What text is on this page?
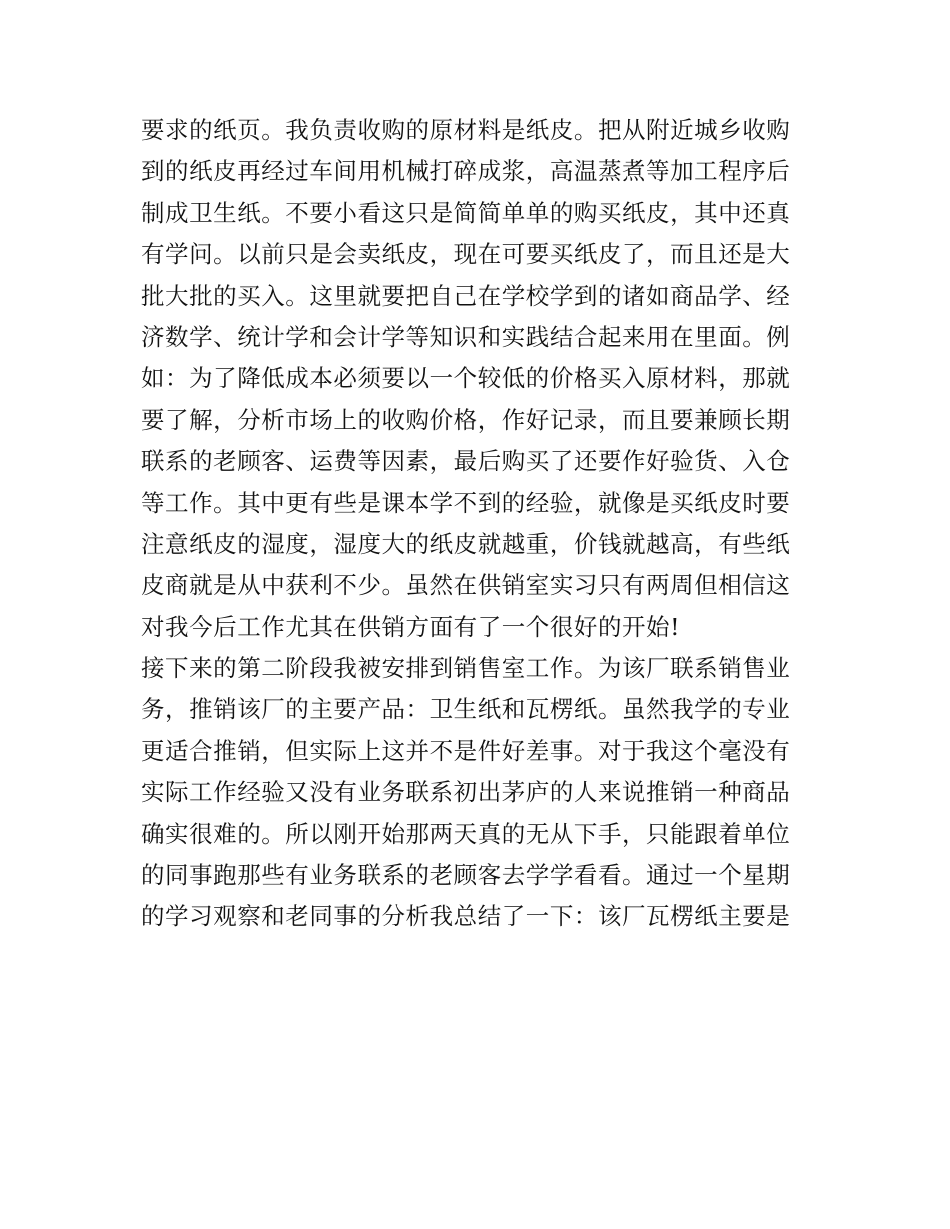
要求的纸页。我负责收购的原材料是纸皮。把从附近城乡收购
到的纸皮再经过车间用机械打碎成浆，高温蒸煮等加工程序后
制成卫生纸。不要小看这只是简简单单的购买纸皮，其中还真
有学问。以前只是会卖纸皮，现在可要买纸皮了，而且还是大
批大批的买入。这里就要把自己在学校学到的诸如商品学、经
济数学、统计学和会计学等知识和实践结合起来用在里面。例
如：为了降低成本必须要以一个较低的价格买入原材料，那就
要了解，分析市场上的收购价格，作好记录，而且要兼顾长期
联系的老顾客、运费等因素，最后购买了还要作好验货、入仓
等工作。其中更有些是课本学不到的经验，就像是买纸皮时要
注意纸皮的湿度，湿度大的纸皮就越重，价钱就越高，有些纸
皮商就是从中获利不少。虽然在供销室实习只有两周但相信这
对我今后工作尤其在供销方面有了一个很好的开始!
接下来的第二阶段我被安排到销售室工作。为该厂联系销售业
务，推销该厂的主要产品：卫生纸和瓦楞纸。虽然我学的专业
更适合推销，但实际上这并不是件好差事。对于我这个毫没有
实际工作经验又没有业务联系初出茅庐的人来说推销一种商品
确实很难的。所以刚开始那两天真的无从下手，只能跟着单位
的同事跑那些有业务联系的老顾客去学学看看。通过一个星期
的学习观察和老同事的分析我总结了一下：该厂瓦楞纸主要是
